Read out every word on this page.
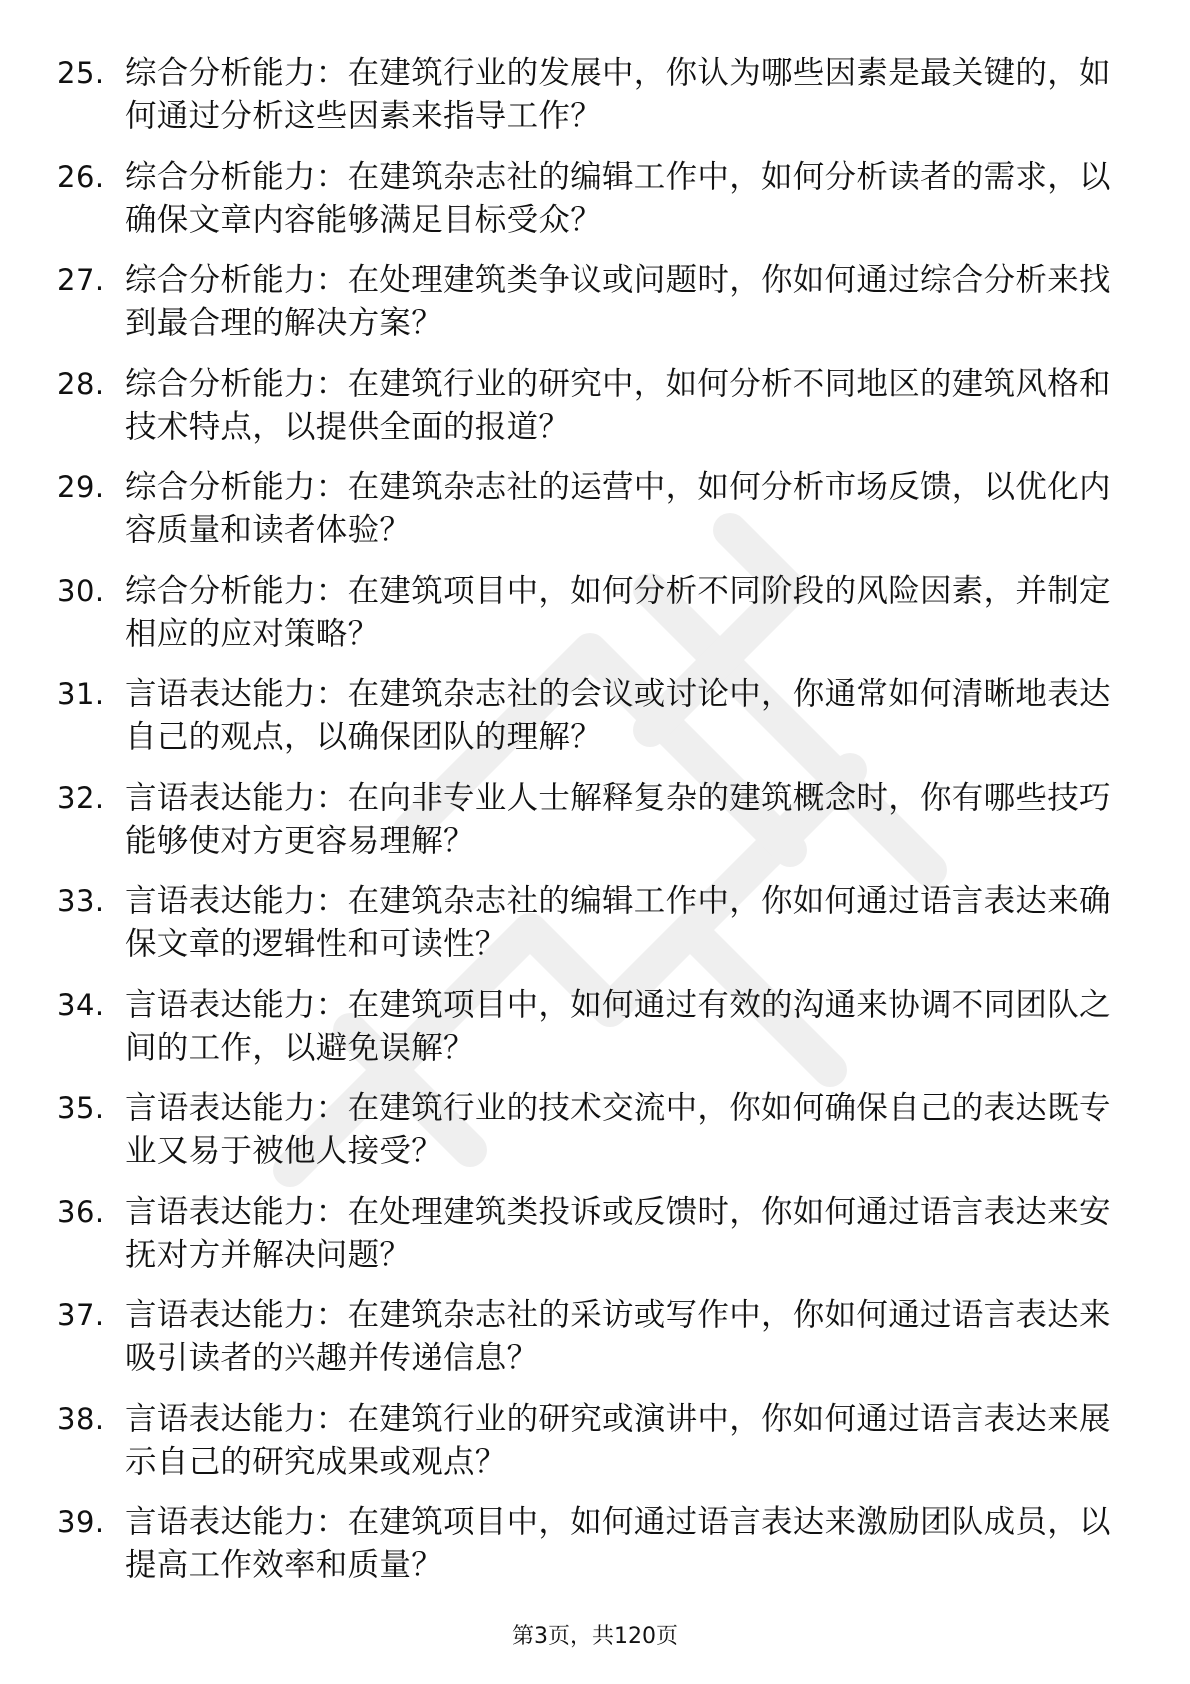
25. 综合分析能力：在建筑行业的发展中，你认为哪些因素是最关键的，如何通过分析这些因素来指导工作？
26. 综合分析能力：在建筑杂志社的编辑工作中，如何分析读者的需求，以确保文章内容能够满足目标受众？
27. 综合分析能力：在处理建筑类争议或问题时，你如何通过综合分析来找到最合理的解决方案？
28. 综合分析能力：在建筑行业的研究中，如何分析不同地区的建筑风格和技术特点，以提供全面的报道？
29. 综合分析能力：在建筑杂志社的运营中，如何分析市场反馈，以优化内容质量和读者体验？
30. 综合分析能力：在建筑项目中，如何分析不同阶段的风险因素，并制定相应的应对策略？
31. 言语表达能力：在建筑杂志社的会议或讨论中，你通常如何清晰地表达自己的观点，以确保团队的理解？
32. 言语表达能力：在向非专业人士解释复杂的建筑概念时，你有哪些技巧能够使对方更容易理解？
33. 言语表达能力：在建筑杂志社的编辑工作中，你如何通过语言表达来确保文章的逻辑性和可读性？
34. 言语表达能力：在建筑项目中，如何通过有效的沟通来协调不同团队之间的工作，以避免误解？
35. 言语表达能力：在建筑行业的技术交流中，你如何确保自己的表达既专业又易于被他人接受？
36. 言语表达能力：在处理建筑类投诉或反馈时，你如何通过语言表达来安抚对方并解决问题？
37. 言语表达能力：在建筑杂志社的采访或写作中，你如何通过语言表达来吸引读者的兴趣并传递信息？
38. 言语表达能力：在建筑行业的研究或演讲中，你如何通过语言表达来展示自己的研究成果或观点？
39. 言语表达能力：在建筑项目中，如何通过语言表达来激励团队成员，以提高工作效率和质量？
第3页，共120页
